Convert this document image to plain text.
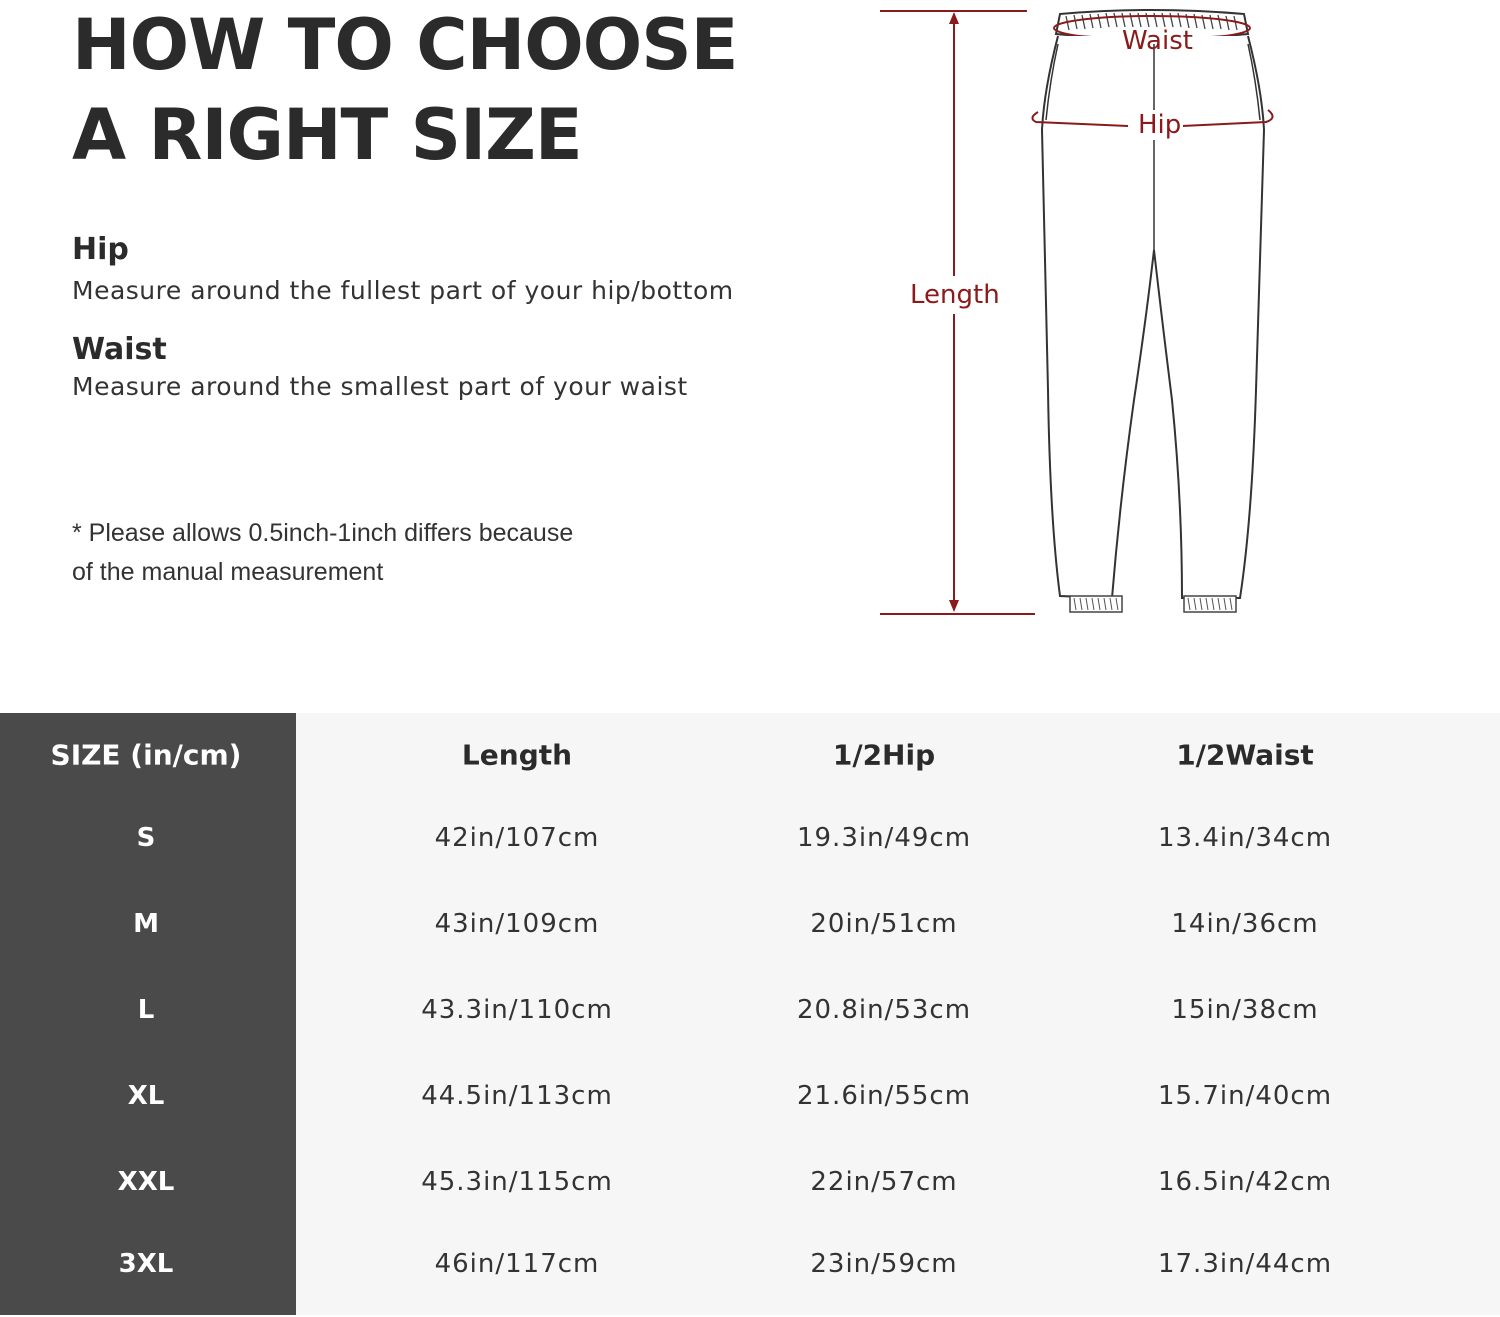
HOW TO CHOOSE
A RIGHT SIZE
Hip
Measure around the fullest part of your hip/bottom
Waist
Measure around the smallest part of your waist
* Please allows 0.5inch-1inch differs because
of the manual measurement
Waist
Hip
Length
SIZE (in/cm)	Length	1/2Hip	1/2Waist
S	42in/107cm	19.3in/49cm	13.4in/34cm
M	43in/109cm	20in/51cm	14in/36cm
L	43.3in/110cm	20.8in/53cm	15in/38cm
XL	44.5in/113cm	21.6in/55cm	15.7in/40cm
XXL	45.3in/115cm	22in/57cm	16.5in/42cm
3XL	46in/117cm	23in/59cm	17.3in/44cm
